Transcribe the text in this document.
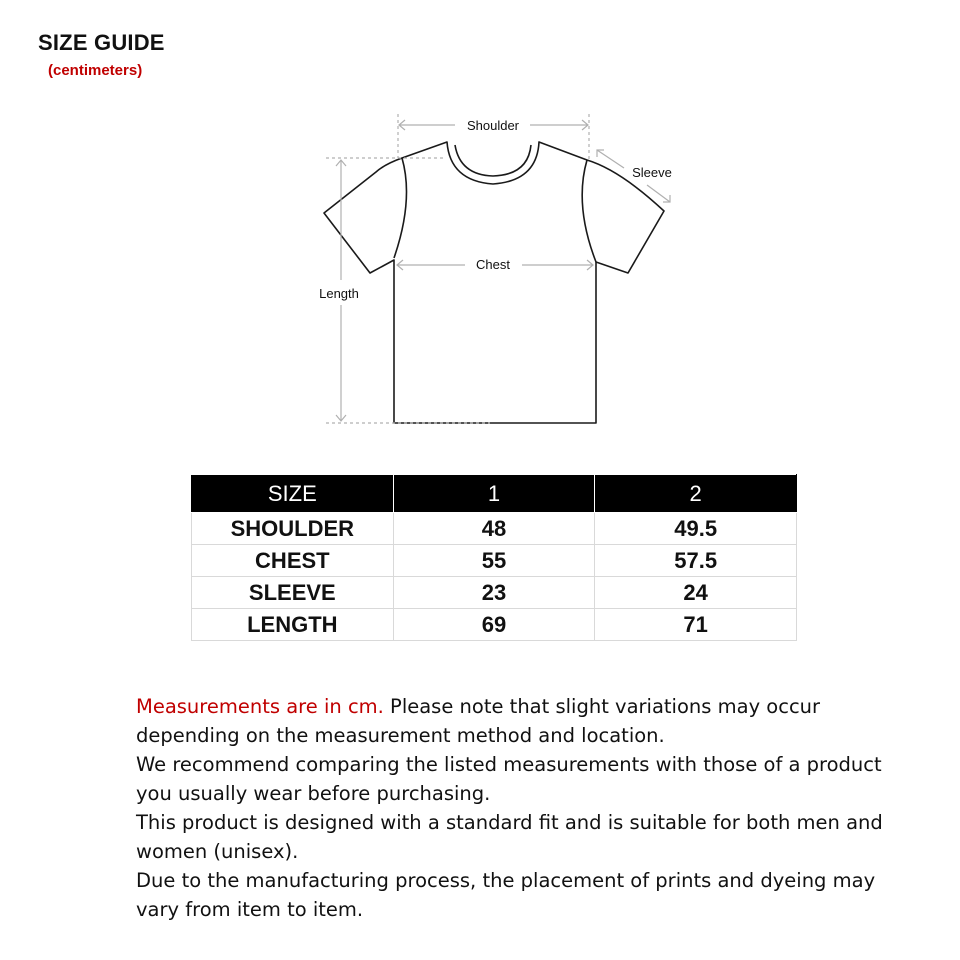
SIZE GUIDE
(centimeters)
Shoulder
Sleeve
Chest
Length
SIZE	1	2
SHOULDER	48	49.5
CHEST	55	57.5
SLEEVE	23	24
LENGTH	69	71

Measurements are in cm. Please note that slight variations may occur depending on the measurement method and location.

We recommend comparing the listed measurements with those of a product you usually wear before purchasing.

This product is designed with a standard fit and is suitable for both men and women (unisex).

Due to the manufacturing process, the placement of prints and dyeing may vary from item to item.
